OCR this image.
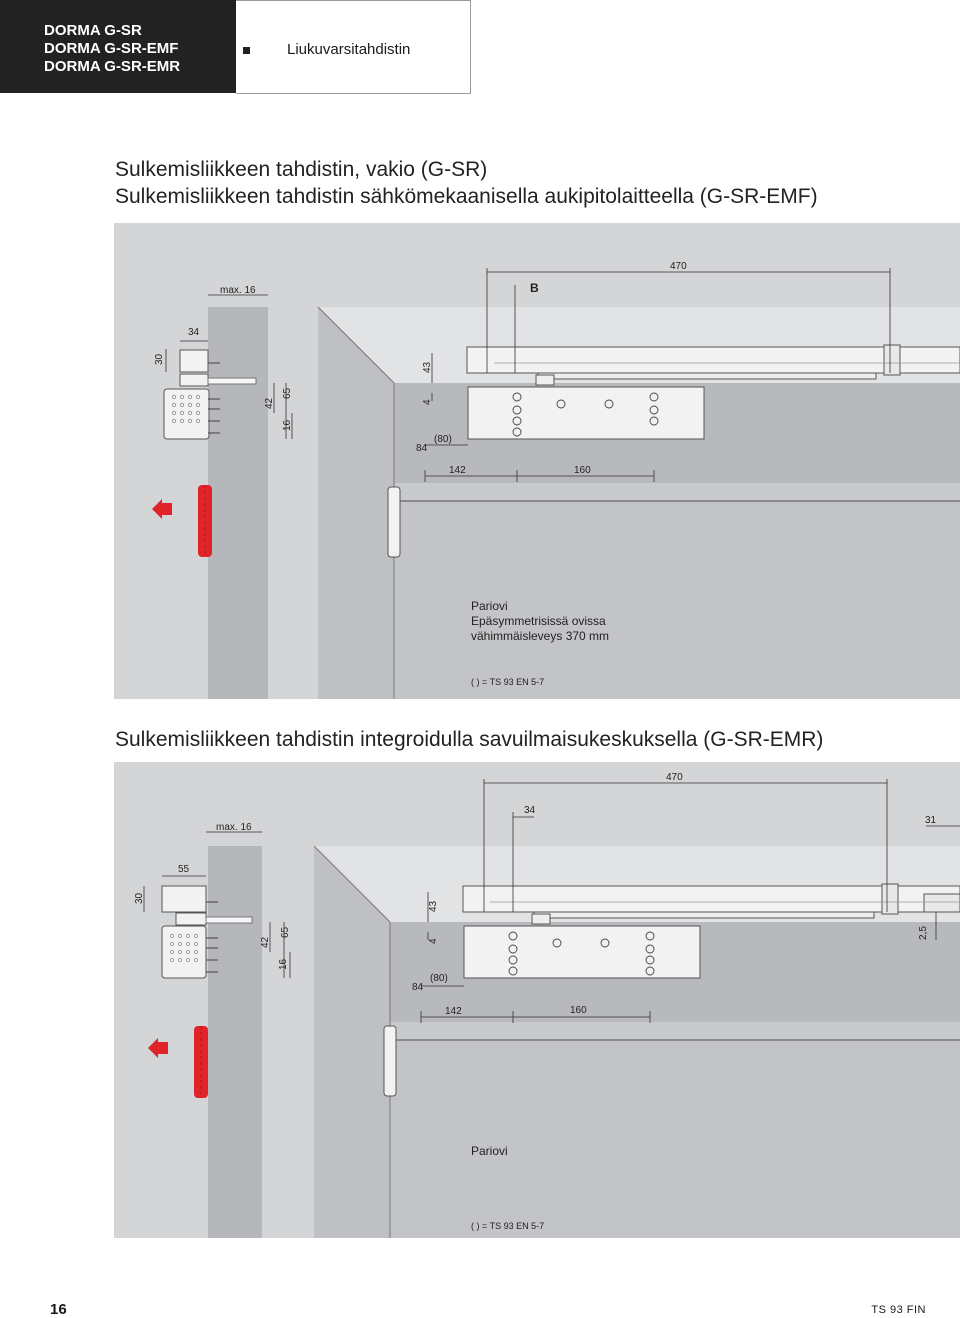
DORMA G-SR
DORMA G-SR-EMF
DORMA G-SR-EMR
Liukuvarsitahdistin
Sulkemisliikkeen tahdistin, vakio (G-SR)
Sulkemisliikkeen tahdistin sähkömekaanisella aukipitolaitteella (G-SR-EMF)
max. 16
470
B
34
30
43
4
42
65
16
84
(80)
142	160
Pariovi
Epäsymmetrisissä ovissa
vähimmäisleveys 370 mm
( ) = TS 93 EN 5-7
Sulkemisliikkeen tahdistin integroidulla savuilmaisukeskuksella (G-SR-EMR)
max. 16
470
34
31
55
30
43
4
42
65
16
2,5
84
(80)
142	160
Pariovi
( ) = TS 93 EN 5-7
16	TS 93 FIN
